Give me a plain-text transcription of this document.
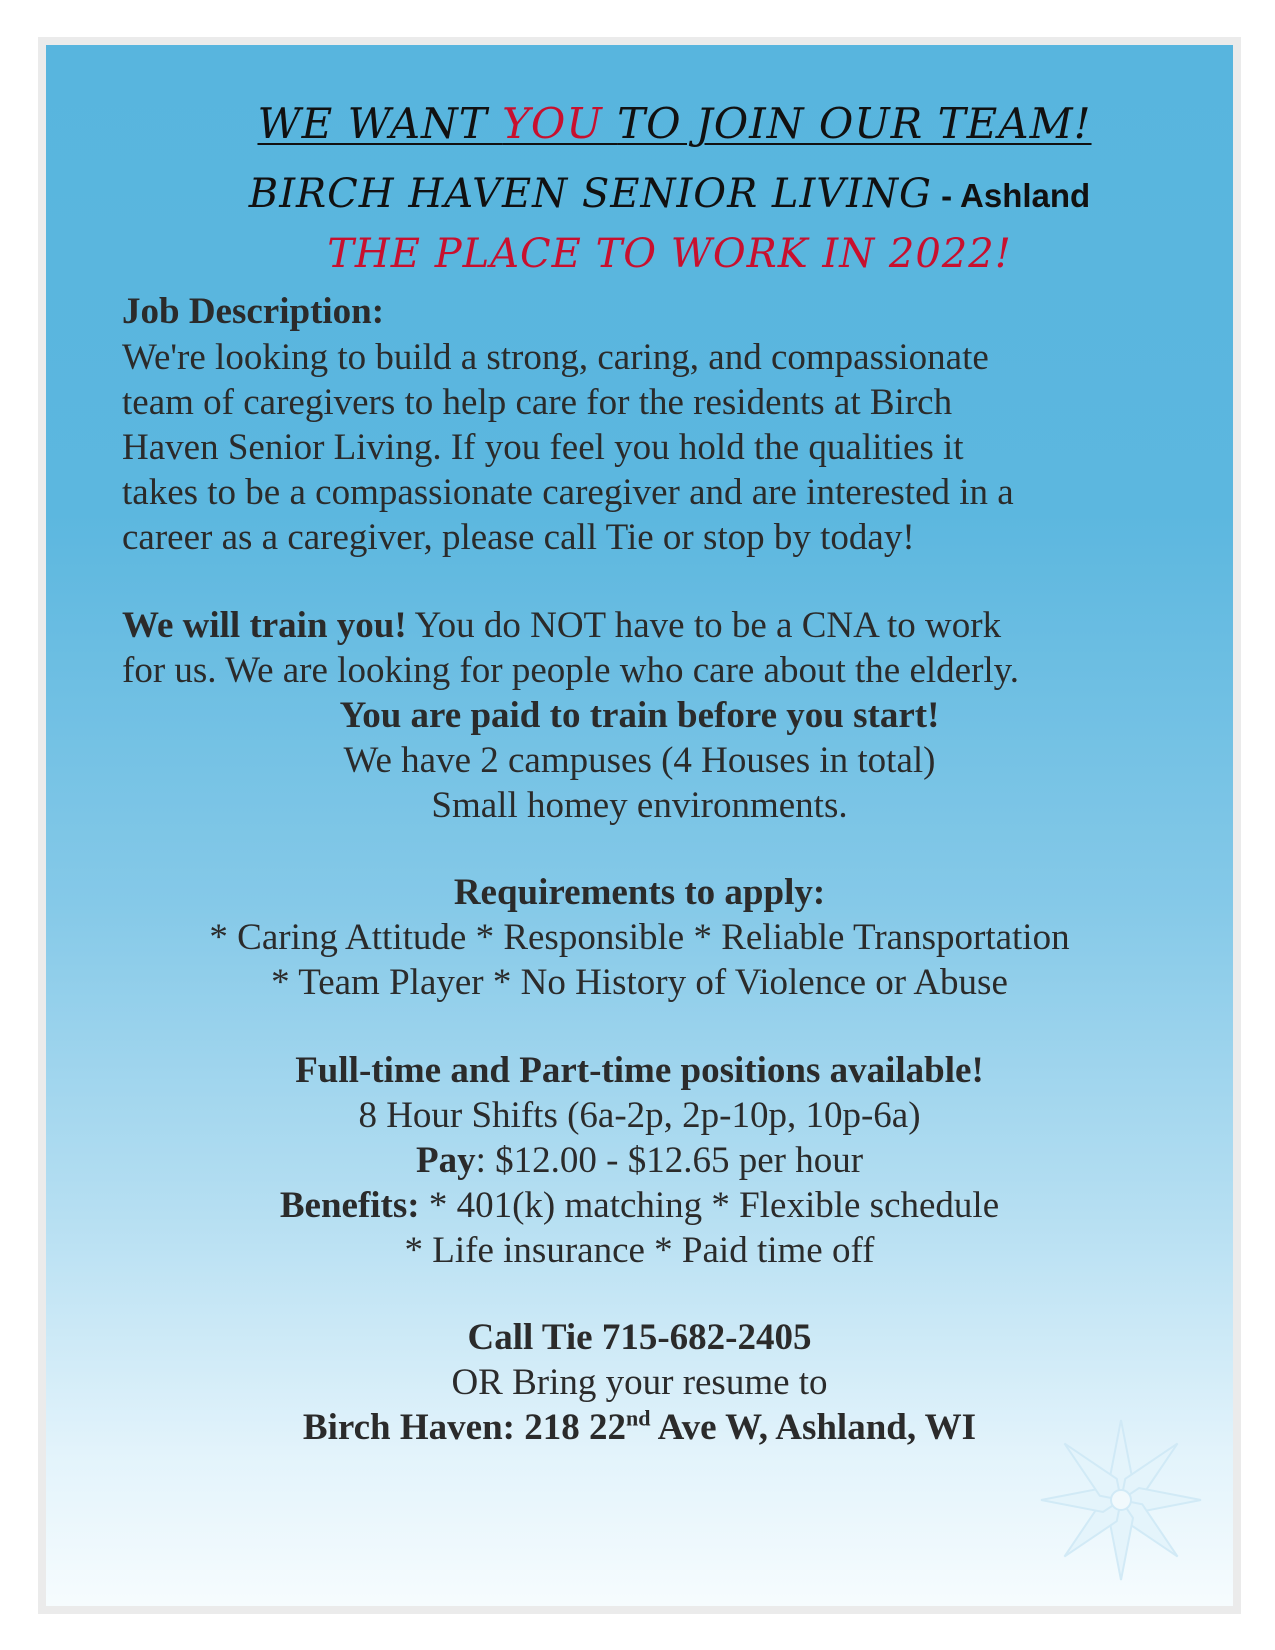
WE WANT YOU TO JOIN OUR TEAM!
BIRCH HAVEN SENIOR LIVING - Ashland
THE PLACE TO WORK IN 2022!
Job Description:
We're looking to build a strong, caring, and compassionate
team of caregivers to help care for the residents at Birch
Haven Senior Living. If you feel you hold the qualities it
takes to be a compassionate caregiver and are interested in a
career as a caregiver, please call Tie or stop by today!
We will train you! You do NOT have to be a CNA to work
for us. We are looking for people who care about the elderly.
You are paid to train before you start!
We have 2 campuses (4 Houses in total)
Small homey environments.
Requirements to apply:
* Caring Attitude * Responsible * Reliable Transportation
* Team Player * No History of Violence or Abuse
Full-time and Part-time positions available!
8 Hour Shifts (6a-2p, 2p-10p, 10p-6a)
Pay: $12.00 - $12.65 per hour
Benefits: * 401(k) matching * Flexible schedule
* Life insurance * Paid time off
Call Tie 715-682-2405
OR Bring your resume to
Birch Haven: 218 22nd Ave W, Ashland, WI
